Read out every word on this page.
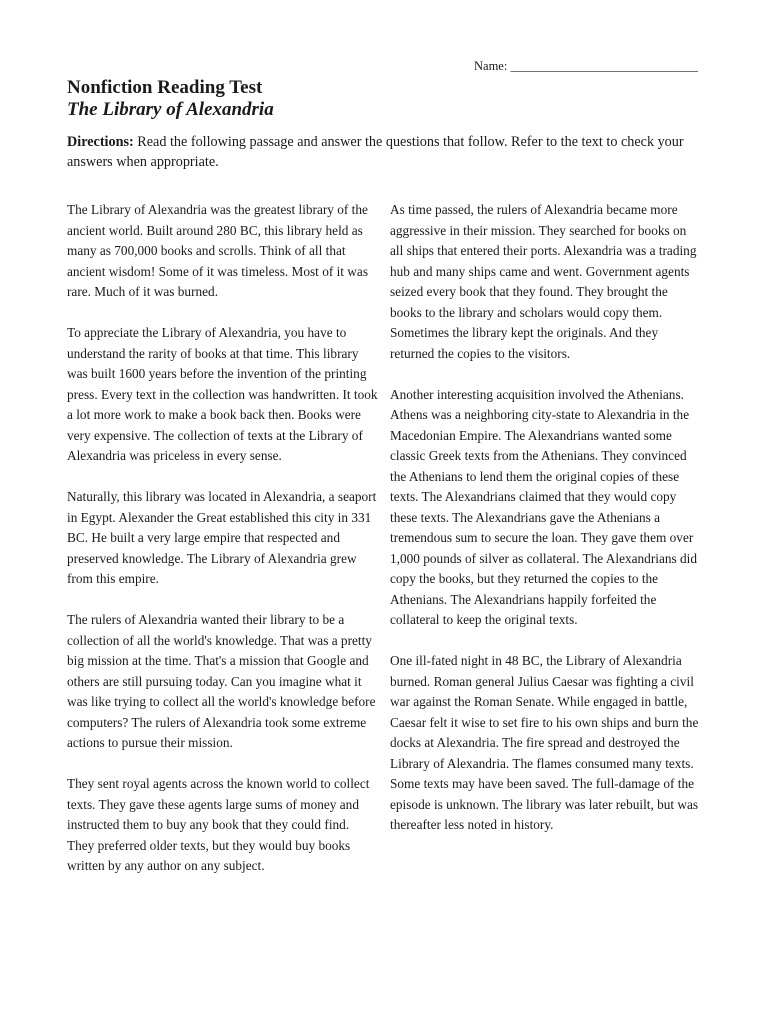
Name: ______________________________
Nonfiction Reading Test
The Library of Alexandria
Directions: Read the following passage and answer the questions that follow. Refer to the text to check your answers when appropriate.

The Library of Alexandria was the greatest library of the ancient world. Built around 280 BC, this library held as many as 700,000 books and scrolls. Think of all that ancient wisdom! Some of it was timeless. Most of it was rare. Much of it was burned.

To appreciate the Library of Alexandria, you have to understand the rarity of books at that time. This library was built 1600 years before the invention of the printing press. Every text in the collection was handwritten. It took a lot more work to make a book back then. Books were very expensive. The collection of texts at the Library of Alexandria was priceless in every sense.

Naturally, this library was located in Alexandria, a seaport in Egypt. Alexander the Great established this city in 331 BC. He built a very large empire that respected and preserved knowledge. The Library of Alexandria grew from this empire.

The rulers of Alexandria wanted their library to be a collection of all the world's knowledge. That was a pretty big mission at the time. That's a mission that Google and others are still pursuing today. Can you imagine what it was like trying to collect all the world's knowledge before computers? The rulers of Alexandria took some extreme actions to pursue their mission.

They sent royal agents across the known world to collect texts. They gave these agents large sums of money and instructed them to buy any book that they could find. They preferred older texts, but they would buy books written by any author on any subject.

As time passed, the rulers of Alexandria became more aggressive in their mission. They searched for books on all ships that entered their ports. Alexandria was a trading hub and many ships came and went. Government agents seized every book that they found. They brought the books to the library and scholars would copy them. Sometimes the library kept the originals. And they returned the copies to the visitors.

Another interesting acquisition involved the Athenians. Athens was a neighboring city-state to Alexandria in the Macedonian Empire. The Alexandrians wanted some classic Greek texts from the Athenians. They convinced the Athenians to lend them the original copies of these texts. The Alexandrians claimed that they would copy these texts. The Alexandrians gave the Athenians a tremendous sum to secure the loan. They gave them over 1,000 pounds of silver as collateral. The Alexandrians did copy the books, but they returned the copies to the Athenians. The Alexandrians happily forfeited the collateral to keep the original texts.

One ill-fated night in 48 BC, the Library of Alexandria burned. Roman general Julius Caesar was fighting a civil war against the Roman Senate. While engaged in battle, Caesar felt it wise to set fire to his own ships and burn the docks at Alexandria. The fire spread and destroyed the Library of Alexandria. The flames consumed many texts. Some texts may have been saved. The full-damage of the episode is unknown. The library was later rebuilt, but was thereafter less noted in history.
